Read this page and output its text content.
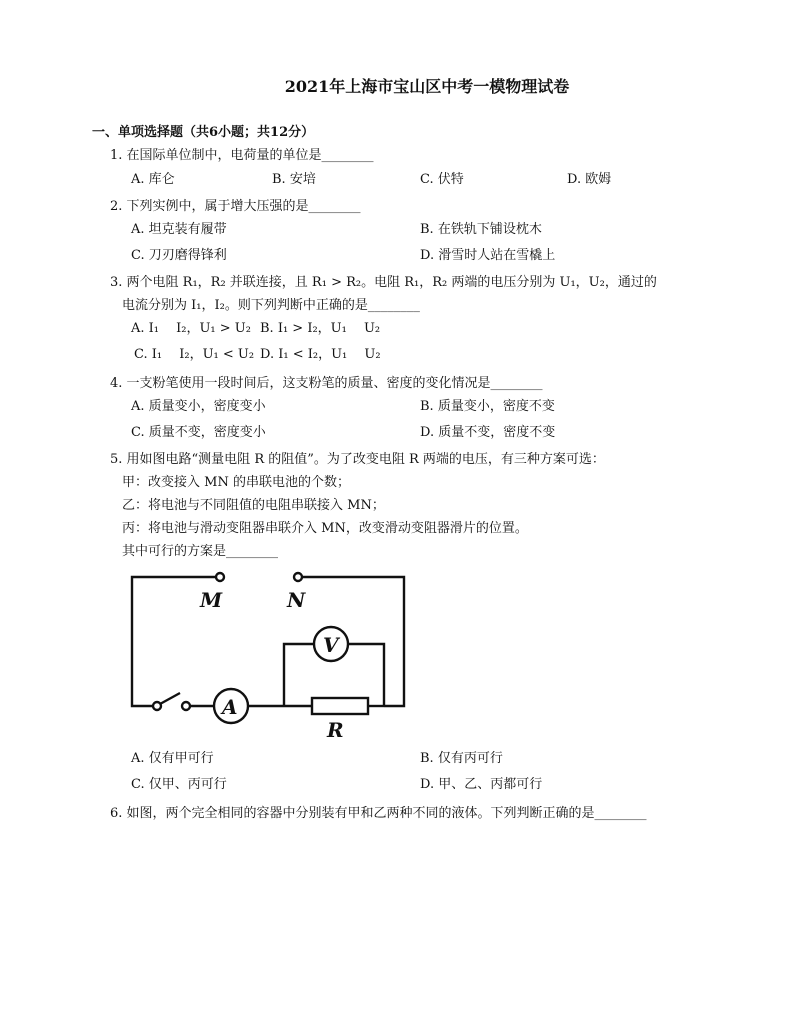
2021年上海市宝山区中考一模物理试卷
一、单项选择题（共6小题；共12分）
1. 在国际单位制中，电荷量的单位是________
A. 库仑	B. 安培	C. 伏特	D. 欧姆
2. 下列实例中，属于增大压强的是________
A. 坦克装有履带	B. 在铁轨下铺设枕木
C. 刀刃磨得锋利	D. 滑雪时人站在雪橇上
3. 两个电阻 R₁，R₂ 并联连接，且 R₁ > R₂。电阻 R₁，R₂ 两端的电压分别为 U₁，U₂，通过的
电流分别为 I₁，I₂。则下列判断中正确的是________
A. I₁　 I₂，U₁ > U₂ B. I₁ > I₂，U₁　 U₂
C. I₁　 I₂，U₁ < U₂ D. I₁ < I₂，U₁　 U₂
4. 一支粉笔使用一段时间后，这支粉笔的质量、密度的变化情况是________
A. 质量变小，密度变小	B. 质量变小，密度不变
C. 质量不变，密度变小	D. 质量不变，密度不变
5. 用如图电路“测量电阻 R 的阻值”。为了改变电阻 R 两端的电压，有三种方案可选：
甲：改变接入 MN 的串联电池的个数；
乙：将电池与不同阻值的电阻串联接入 MN；
丙：将电池与滑动变阻器串联介入 MN，改变滑动变阻器滑片的位置。
其中可行的方案是________
M	N
V
A
R
A. 仅有甲可行	B. 仅有丙可行
C. 仅甲、丙可行	D. 甲、乙、丙都可行
6. 如图，两个完全相同的容器中分别装有甲和乙两种不同的液体。下列判断正确的是________
